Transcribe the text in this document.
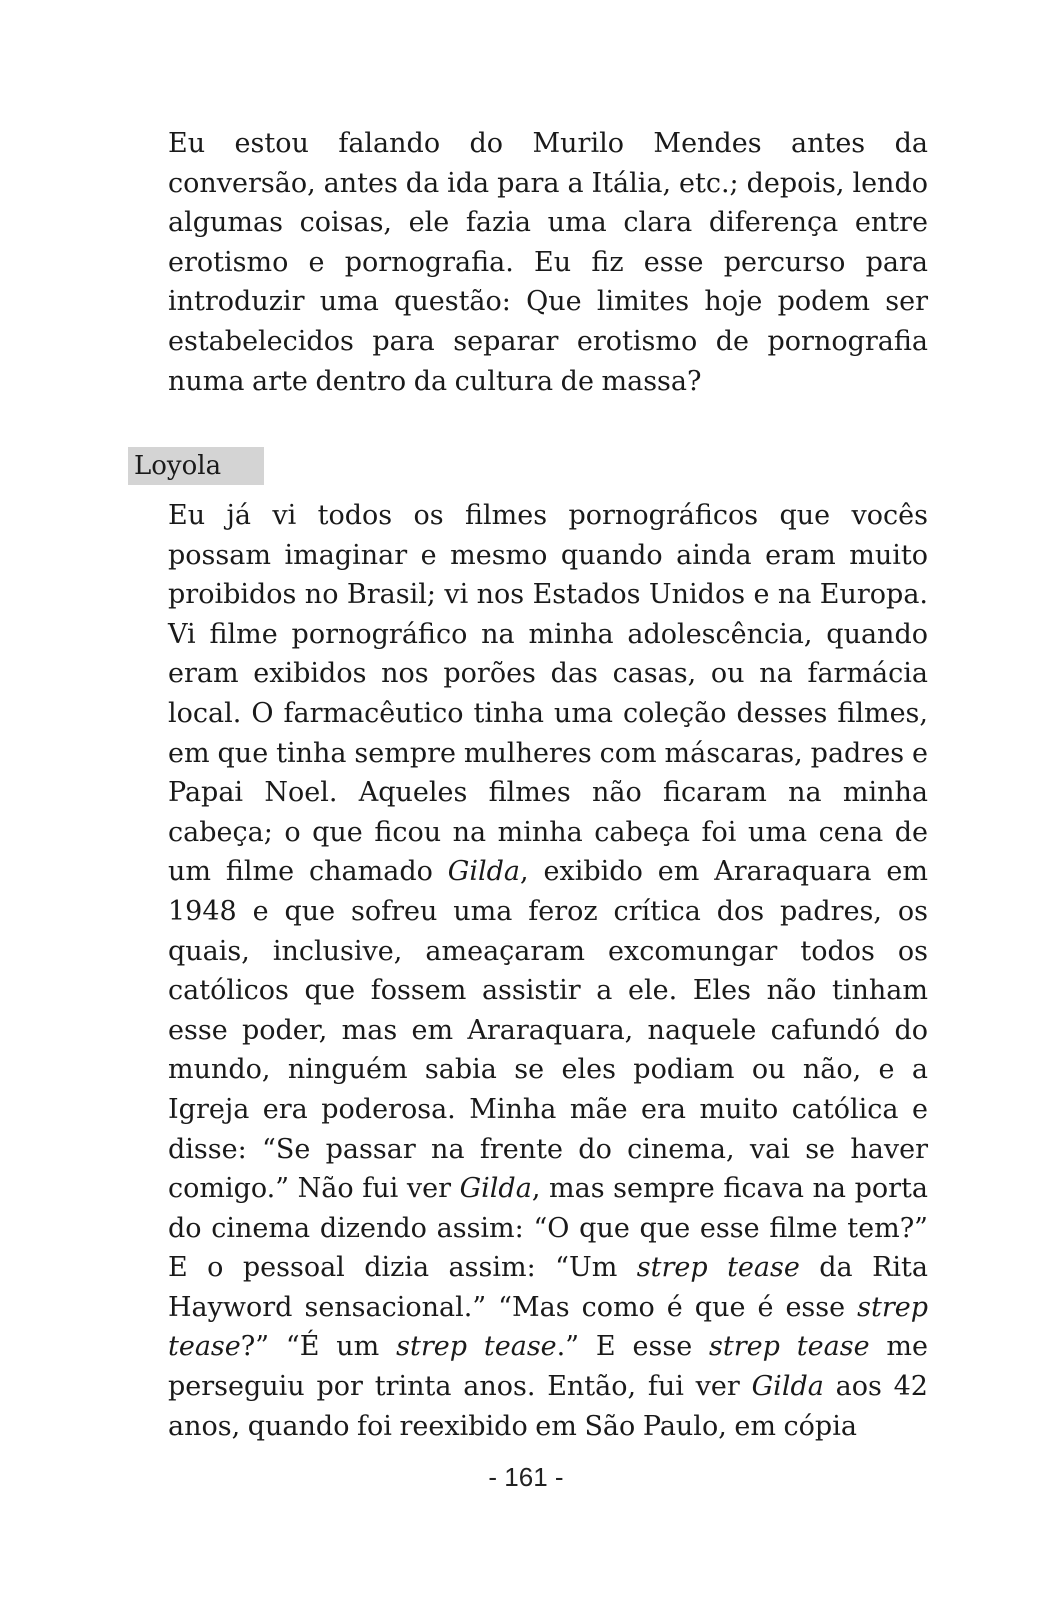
Eu estou falando do Murilo Mendes antes da conversão, antes da ida para a Itália, etc.; depois, lendo algumas coisas, ele fazia uma clara diferença entre erotismo e pornografia. Eu fiz esse percurso para introduzir uma questão: Que limites hoje podem ser estabelecidos para separar erotismo de pornografia numa arte dentro da cultura de massa?

Loyola

Eu já vi todos os filmes pornográficos que vocês possam imaginar e mesmo quando ainda eram muito proibidos no Brasil; vi nos Estados Unidos e na Europa. Vi filme pornográfico na minha adolescência, quando eram exibidos nos porões das casas, ou na farmácia local. O farmacêutico tinha uma coleção desses filmes, em que tinha sempre mulheres com máscaras, padres e Papai Noel. Aqueles filmes não ficaram na minha cabeça; o que ficou na minha cabeça foi uma cena de um filme chamado Gilda, exibido em Araraquara em 1948 e que sofreu uma feroz crítica dos padres, os quais, inclusive, ameaçaram excomungar todos os católicos que fossem assistir a ele. Eles não tinham esse poder, mas em Araraquara, naquele cafundó do mundo, ninguém sabia se eles podiam ou não, e a Igreja era poderosa. Minha mãe era muito católica e disse: “Se passar na frente do cinema, vai se haver comigo.” Não fui ver Gilda, mas sempre ficava na porta do cinema dizendo assim: “O que que esse filme tem?” E o pessoal dizia assim: “Um strep tease da Rita Hayword sensacional.” “Mas como é que é esse strep tease?” “É um strep tease.” E esse strep tease me perseguiu por trinta anos. Então, fui ver Gilda aos 42 anos, quando foi reexibido em São Paulo, em cópia

- 161 -
